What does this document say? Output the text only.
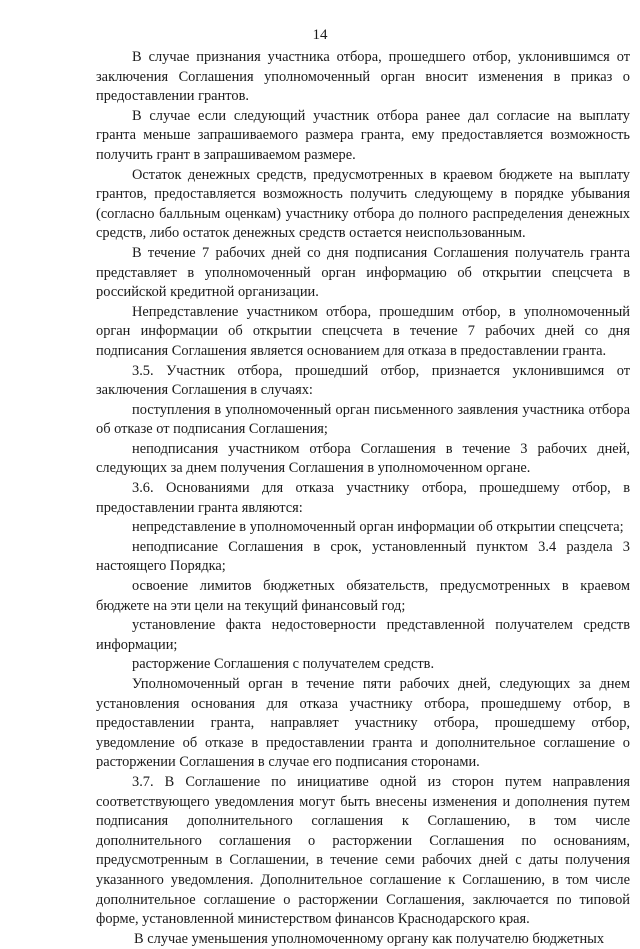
14

В случае признания участника отбора, прошедшего отбор, уклонившимся от заключения Соглашения уполномоченный орган вносит изменения в приказ о предоставлении грантов.

В случае если следующий участник отбора ранее дал согласие на выплату гранта меньше запрашиваемого размера гранта, ему предоставляется возможность получить грант в запрашиваемом размере.

Остаток денежных средств, предусмотренных в краевом бюджете на выплату грантов, предоставляется возможность получить следующему в порядке убывания (согласно балльным оценкам) участнику отбора до полного распределения денежных средств, либо остаток денежных средств остается неиспользованным.

В течение 7 рабочих дней со дня подписания Соглашения получатель гранта представляет в уполномоченный орган информацию об открытии спецсчета в российской кредитной организации.

Непредставление участником отбора, прошедшим отбор, в уполномоченный орган информации об открытии спецсчета в течение 7 рабочих дней со дня подписания Соглашения является основанием для отказа в предоставлении гранта.

3.5. Участник отбора, прошедший отбор, признается уклонившимся от заключения Соглашения в случаях:

поступления в уполномоченный орган письменного заявления участника отбора об отказе от подписания Соглашения;

неподписания участником отбора Соглашения в течение 3 рабочих дней, следующих за днем получения Соглашения в уполномоченном органе.

3.6. Основаниями для отказа участнику отбора, прошедшему отбор, в предоставлении гранта являются:

непредставление в уполномоченный орган информации об открытии спецсчета;

неподписание Соглашения в срок, установленный пунктом 3.4 раздела 3 настоящего Порядка;

освоение лимитов бюджетных обязательств, предусмотренных в краевом бюджете на эти цели на текущий финансовый год;

установление факта недостоверности представленной получателем средств информации;

расторжение Соглашения с получателем средств.

Уполномоченный орган в течение пяти рабочих дней, следующих за днем установления основания для отказа участнику отбора, прошедшему отбор, в предоставлении гранта, направляет участнику отбора, прошедшему отбор, уведомление об отказе в предоставлении гранта и дополнительное соглашение о расторжении Соглашения в случае его подписания сторонами.

3.7. В Соглашение по инициативе одной из сторон путем направления соответствующего уведомления могут быть внесены изменения и дополнения путем подписания дополнительного соглашения к Соглашению, в том числе дополнительного соглашения о расторжении Соглашения по основаниям, предусмотренным в Соглашении, в течение семи рабочих дней с даты получения указанного уведомления. Дополнительное соглашение к Соглашению, в том числе дополнительное соглашение о расторжении Соглашения, заключается по типовой форме, установленной министерством финансов Краснодарского края.

В случае уменьшения уполномоченному органу как получателю бюджетных
